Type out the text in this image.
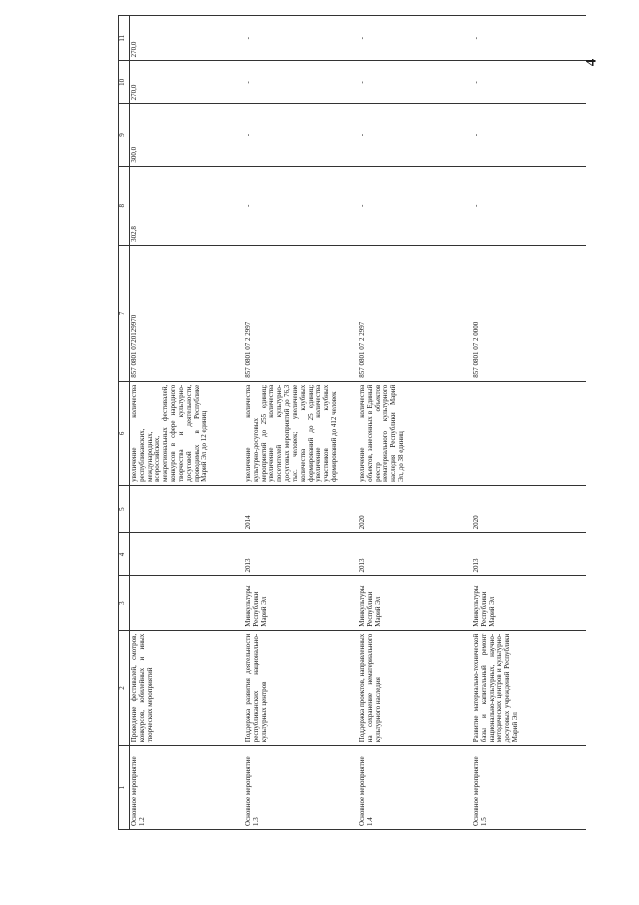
4
1	2	3	4	5	6	7	8	9	10	11
Основное мероприятие 1.2	Проведение фестивалей, смотров, конкурсов, юбилейных и иных творческих мероприятий				увеличение количества республиканских, международных, всероссийских, межрегиональных фестивалей, конкурсов в сфере народного творчества и культурно-досуговой деятельности, проводимых в Республике Марий Эл до 12 единиц	857 0801 0720129970	302,8	300,0	270,0	270,0
Основное мероприятие 1.3	Поддержка развития деятельности республиканских национально-культурных центров	Минкультуры Республики Марий Эл	2013	2014	увеличение количества культурно-досуговых мероприятий до 255 единиц; увеличение количества посетителей культурно-досуговых мероприятий до 76,3 тыс. человек; увеличение количества клубных формирований до 25 единиц; увеличение количества участников клубных формирований до 412 человек	857 0801 07 2 2997	-	-	-	-
Основное мероприятие 1.4	Поддержка проектов, направленных на сохранение нематериального культурного наследия	Минкультуры Республики Марий Эл	2013	2020	увеличение количества объектов, занесенных в Единый реестр объектов нематериального культурного наследия Республики Марий Эл, до 38 единиц	857 0801 07 2 2997	-	-	-	-
Основное мероприятие 1.5	Развитие материально-технической базы и капитальный ремонт национально-культурных, научно-методических центров и культурно-досуговых учреждений Республики Марий Эл	Минкультуры Республики Марий Эл	2013	2020		857 0801 07 2 0000	-	-	-	-
